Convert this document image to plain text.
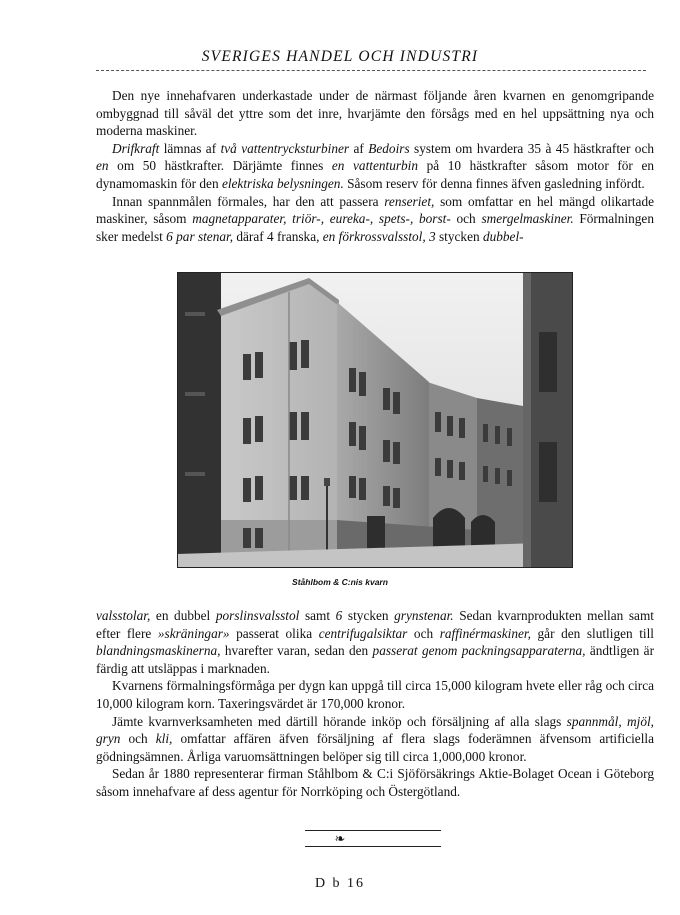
SVERIGES HANDEL OCH INDUSTRI

Den nye innehafvaren underkastade under de närmast följande åren kvarnen en genomgripande ombyggnad till såväl det yttre som det inre, hvarjämte den försågs med en hel uppsättning nya och moderna maskiner.

Drifkraft lämnas af två vattentrycksturbiner af Bedoirs system om hvardera 35 à 45 hästkrafter och en om 50 hästkrafter. Därjämte finnes en vattenturbin på 10 hästkrafter såsom motor för en dynamomaskin för den elektriska belysningen. Såsom reserv för denna finnes äfven gasledning infördt.

Innan spannmålen förmales, har den att passera renseriet, som omfattar en hel mängd olikartade maskiner, såsom magnetapparater, triör-, eureka-, spets-, borst- och smergelmaskiner. Förmalningen sker medelst 6 par stenar, däraf 4 franska, en förkrossvalsstol, 3 stycken dubbel-

Ståhlbom & C:nis kvarn

valsstolar, en dubbel porslinsvalsstol samt 6 stycken grynstenar. Sedan kvarnprodukten mellan samt efter flere »skräningar» passerat olika centrifugalsiktar och raffinérmaskiner, går den slutligen till blandningsmaskinerna, hvarefter varan, sedan den passerat genom packningsapparaterna, ändtligen är färdig att utsläppas i marknaden.

Kvarnens förmalningsförmåga per dygn kan uppgå till circa 15,000 kilogram hvete eller råg och circa 10,000 kilogram korn. Taxeringsvärdet är 170,000 kronor.

Jämte kvarnverksamheten med därtill hörande inköp och försäljning af alla slags spannmål, mjöl, gryn och kli, omfattar affären äfven försäljning af flera slags foderämnen äfvensom artificiella gödningsämnen. Årliga varuomsättningen belöper sig till circa 1,000,000 kronor.

Sedan år 1880 representerar firman Ståhlbom & C:i Sjöförsäkrings Aktie-Bolaget Ocean i Göteborg såsom innehafvare af dess agentur för Norrköping och Östergötland.

❧
D b 16
